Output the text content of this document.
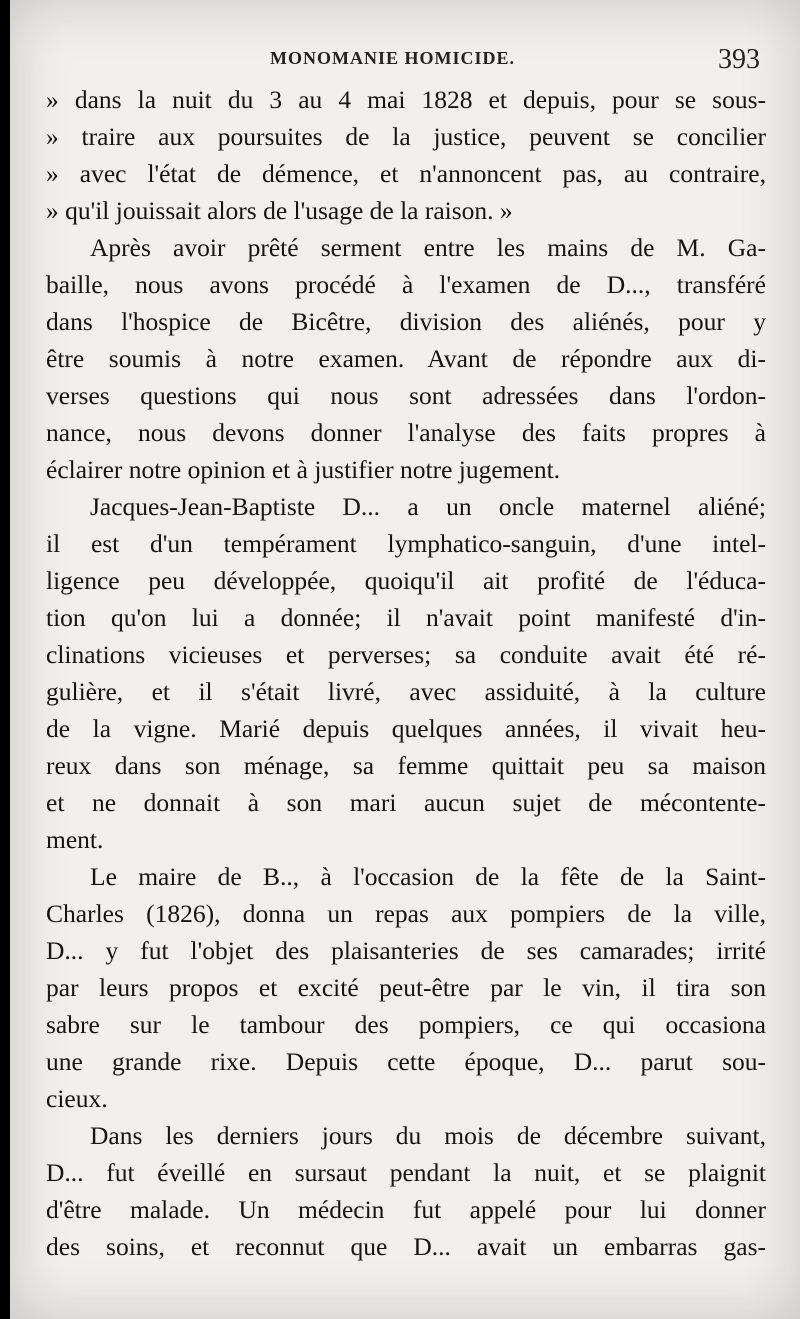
MONOMANIE HOMICIDE.	393
» dans la nuit du 3 au 4 mai 1828 et depuis, pour se sous-
» traire aux poursuites de la justice, peuvent se concilier
» avec l'état de démence, et n'annoncent pas, au contraire,
» qu'il jouissait alors de l'usage de la raison. »
Après avoir prêté serment entre les mains de M. Ga-
baille, nous avons procédé à l'examen de D..., transféré
dans l'hospice de Bicêtre, division des aliénés, pour y
être soumis à notre examen. Avant de répondre aux di-
verses questions qui nous sont adressées dans l'ordon-
nance, nous devons donner l'analyse des faits propres à
éclairer notre opinion et à justifier notre jugement.
Jacques-Jean-Baptiste D... a un oncle maternel aliéné;
il est d'un tempérament lymphatico-sanguin, d'une intel-
ligence peu développée, quoiqu'il ait profité de l'éduca-
tion qu'on lui a donnée; il n'avait point manifesté d'in-
clinations vicieuses et perverses; sa conduite avait été ré-
gulière, et il s'était livré, avec assiduité, à la culture
de la vigne. Marié depuis quelques années, il vivait heu-
reux dans son ménage, sa femme quittait peu sa maison
et ne donnait à son mari aucun sujet de mécontente-
ment.
Le maire de B.., à l'occasion de la fête de la Saint-
Charles (1826), donna un repas aux pompiers de la ville,
D... y fut l'objet des plaisanteries de ses camarades; irrité
par leurs propos et excité peut-être par le vin, il tira son
sabre sur le tambour des pompiers, ce qui occasiona
une grande rixe. Depuis cette époque, D... parut sou-
cieux.
Dans les derniers jours du mois de décembre suivant,
D... fut éveillé en sursaut pendant la nuit, et se plaignit
d'être malade. Un médecin fut appelé pour lui donner
des soins, et reconnut que D... avait un embarras gas-
